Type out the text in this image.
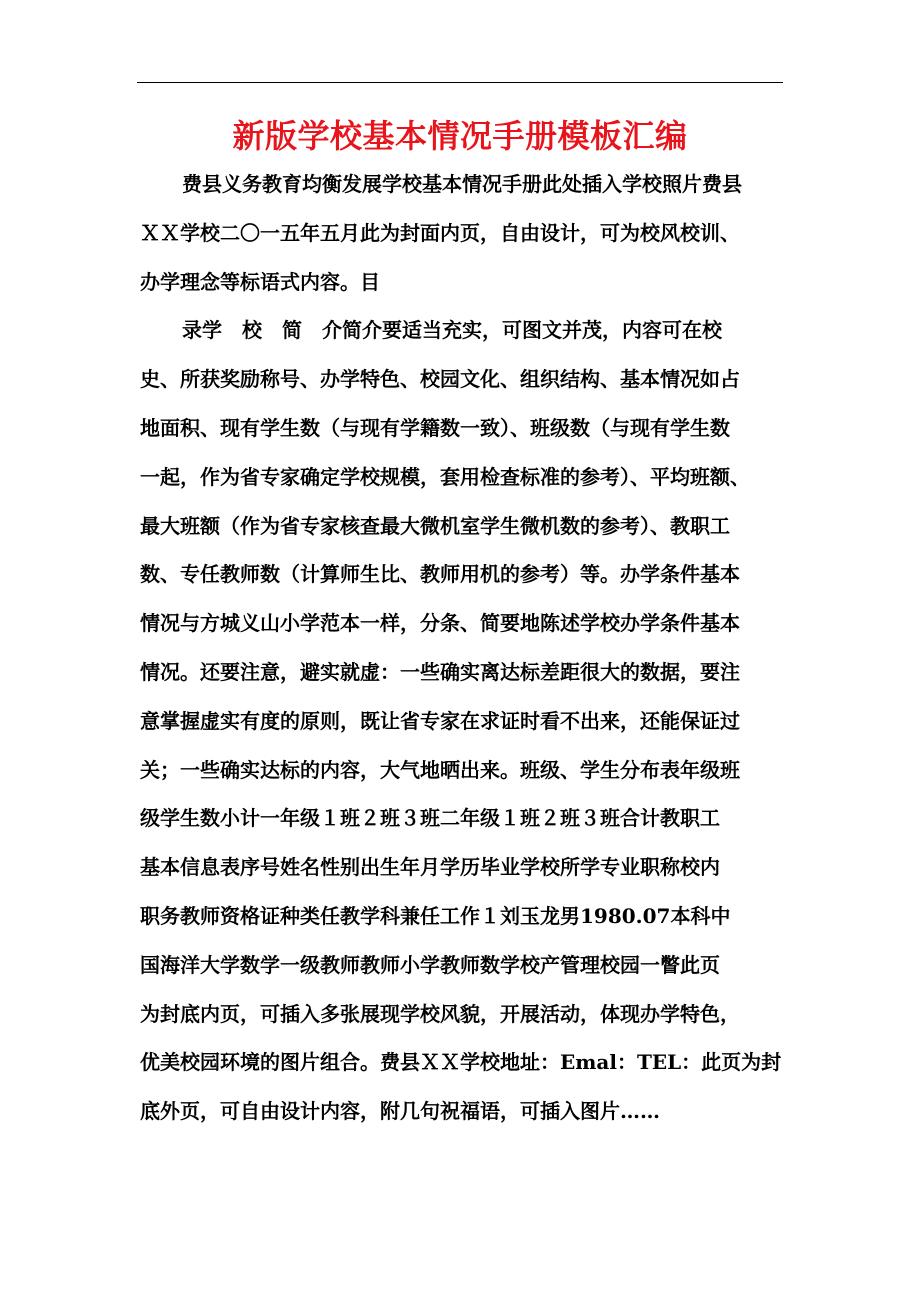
新版学校基本情况手册模板汇编
费县义务教育均衡发展学校基本情况手册此处插入学校照片费县
ＸＸ学校二〇一五年五月此为封面内页，自由设计，可为校风校训、
办学理念等标语式内容。目
录学　校　简　介简介要适当充实，可图文并茂，内容可在校
史、所获奖励称号、办学特色、校园文化、组织结构、基本情况如占
地面积、现有学生数（与现有学籍数一致）、班级数（与现有学生数
一起，作为省专家确定学校规模，套用检查标准的参考）、平均班额、
最大班额（作为省专家核查最大微机室学生微机数的参考）、教职工
数、专任教师数（计算师生比、教师用机的参考）等。办学条件基本
情况与方城义山小学范本一样，分条、简要地陈述学校办学条件基本
情况。还要注意，避实就虚：一些确实离达标差距很大的数据，要注
意掌握虚实有度的原则，既让省专家在求证时看不出来，还能保证过
关；一些确实达标的内容，大气地晒出来。班级、学生分布表年级班
级学生数小计一年级１班２班３班二年级１班２班３班合计教职工
基本信息表序号姓名性别出生年月学历毕业学校所学专业职称校内
职务教师资格证种类任教学科兼任工作１刘玉龙男1980.07本科中
国海洋大学数学一级教师教师小学教师数学校产管理校园一瞥此页
为封底内页，可插入多张展现学校风貌，开展活动，体现办学特色，
优美校园环境的图片组合。费县ＸＸ学校地址：Emal：TEL：此页为封
底外页，可自由设计内容，附几句祝福语，可插入图片……
